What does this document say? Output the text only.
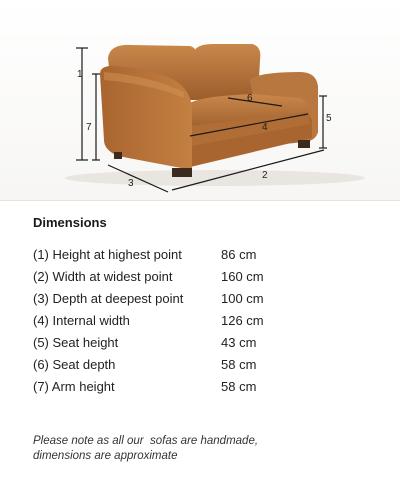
1
2
3
4
5
6
7
Dimensions
(1) Height at highest point	86 cm
(2) Width at widest point	160 cm
(3) Depth at deepest point	100 cm
(4) Internal width	126 cm
(5) Seat height	43 cm
(6) Seat depth	58 cm
(7) Arm height	58 cm
Please note as all our  sofas are handmade,
dimensions are approximate
